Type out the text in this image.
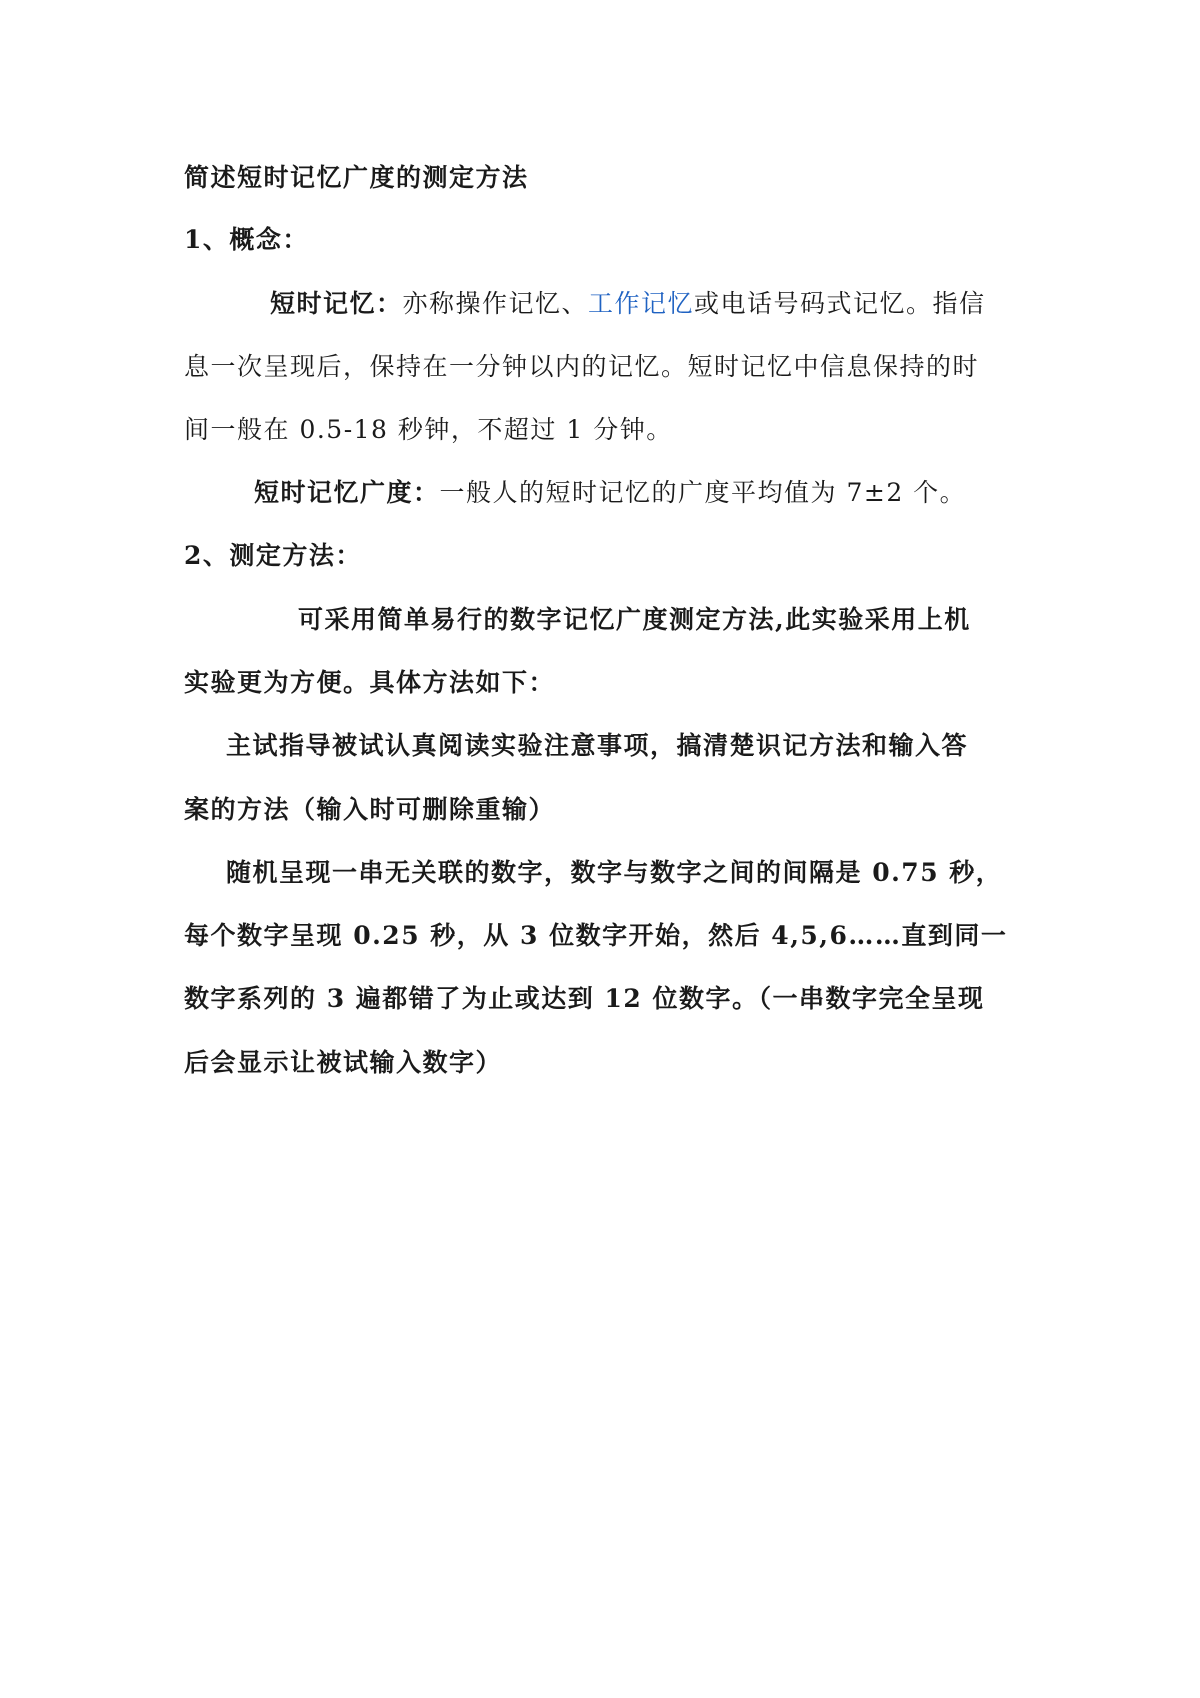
简述短时记忆广度的测定方法
1、概念：
短时记忆：亦称操作记忆、工作记忆或电话号码式记忆。指信
息一次呈现后，保持在一分钟以内的记忆。短时记忆中信息保持的时
间一般在 0.5-18 秒钟，不超过 1 分钟。
短时记忆广度：一般人的短时记忆的广度平均值为 7±2 个。
2、测定方法：
可采用简单易行的数字记忆广度测定方法,此实验采用上机
实验更为方便。具体方法如下：
主试指导被试认真阅读实验注意事项，搞清楚识记方法和输入答
案的方法（输入时可删除重输）
随机呈现一串无关联的数字，数字与数字之间的间隔是 0.75 秒，
每个数字呈现 0.25 秒，从 3 位数字开始，然后 4,5,6……直到同一
数字系列的 3 遍都错了为止或达到 12 位数字。（一串数字完全呈现
后会显示让被试输入数字）
